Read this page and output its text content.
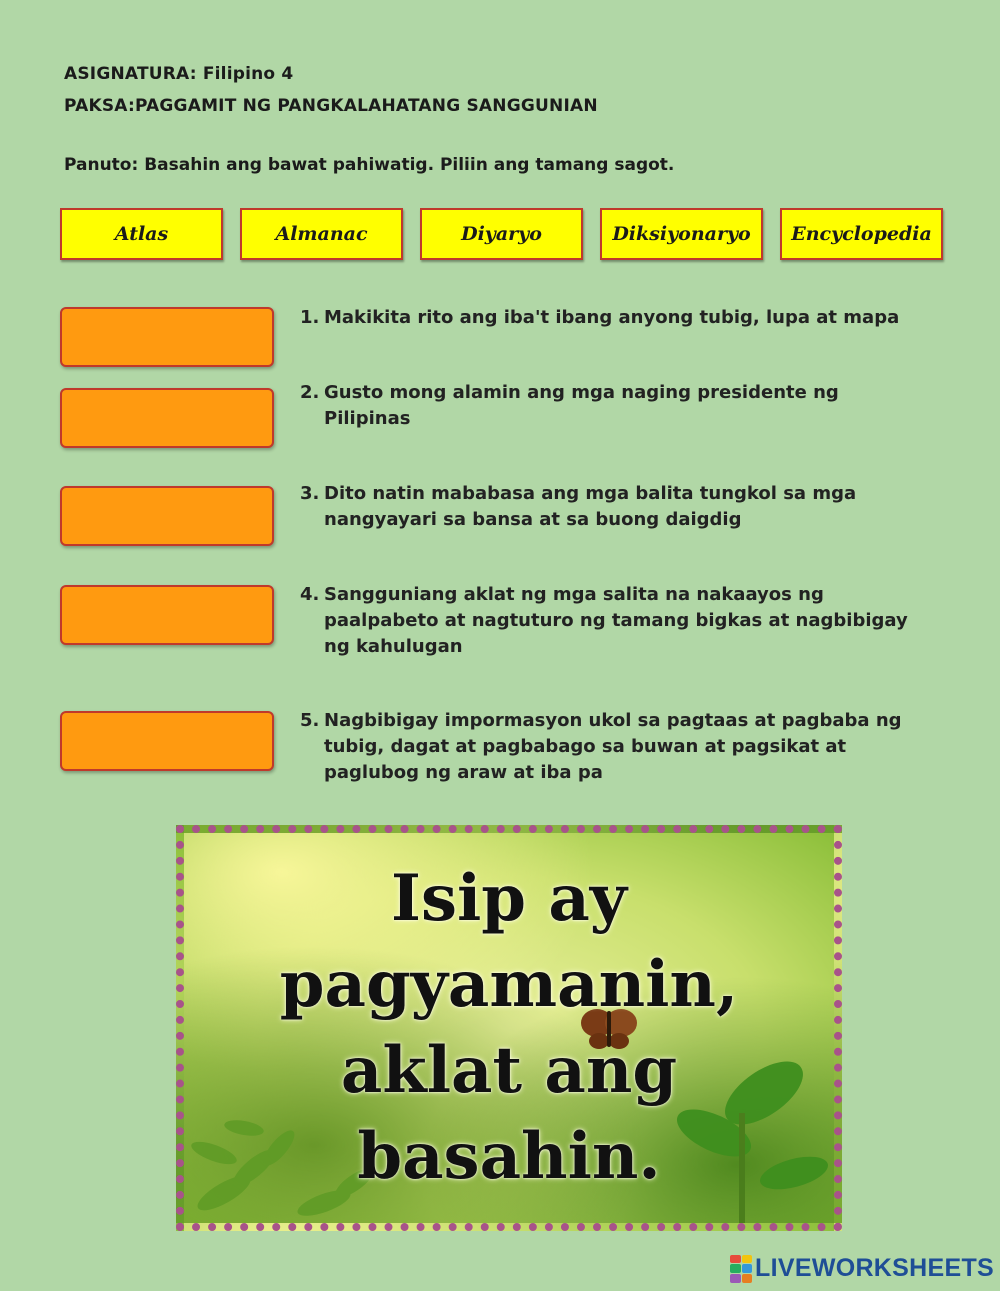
ASIGNATURA: Filipino 4
PAKSA:PAGGAMIT NG PANGKALAHATANG SANGGUNIAN
Panuto: Basahin ang bawat pahiwatig. Piliin ang tamang sagot.
Atlas	Almanac	Diyaryo	Diksiyonaryo	Encyclopedia
1. Makikita rito ang iba't ibang anyong tubig, lupa at mapa
2. Gusto mong alamin ang mga naging presidente ng Pilipinas
3. Dito natin mababasa ang mga balita tungkol sa mga nangyayari sa bansa at sa buong daigdig
4. Sangguniang aklat ng mga salita na nakaayos ng paalpabeto at nagtuturo ng tamang bigkas at nagbibigay ng kahulugan
5. Nagbibigay impormasyon ukol sa pagtaas at pagbaba ng tubig, dagat at pagbabago sa buwan at pagsikat at paglubog ng araw at iba pa
Isip ay
pagyamanin,
aklat ang
basahin.
LIVEWORKSHEETS
